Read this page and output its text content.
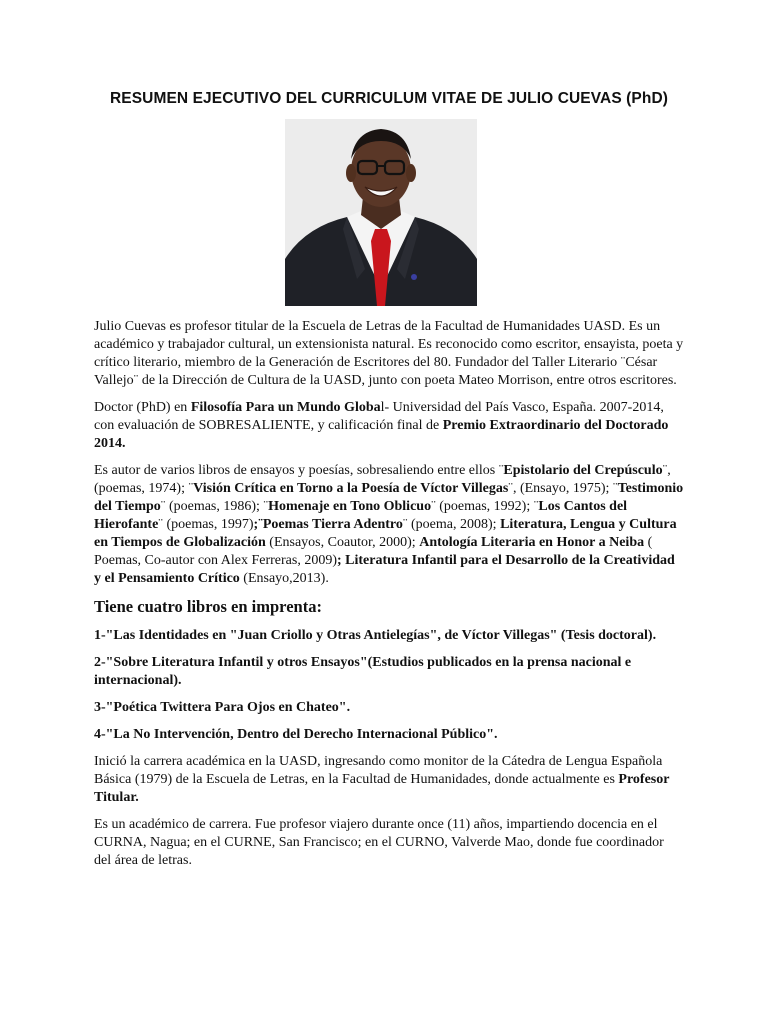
RESUMEN EJECUTIVO DEL CURRICULUM VITAE DE JULIO CUEVAS (PhD)

Julio Cuevas es profesor titular de la Escuela de Letras de la Facultad de Humanidades UASD. Es un académico y trabajador cultural, un extensionista natural. Es reconocido como escritor, ensayista, poeta y crítico literario, miembro de la Generación de Escritores del 80. Fundador del Taller Literario ¨César Vallejo¨ de la Dirección de Cultura de la UASD, junto con poeta Mateo Morrison, entre otros escritores.

Doctor (PhD) en Filosofía Para un Mundo Global- Universidad del País Vasco, España. 2007-2014, con evaluación de SOBRESALIENTE, y calificación final de Premio Extraordinario del Doctorado 2014.

Es autor de varios libros de ensayos y poesías, sobresaliendo entre ellos ¨Epistolario del Crepúsculo¨, (poemas, 1974); ¨Visión Crítica en Torno a la Poesía de Víctor Villegas¨, (Ensayo, 1975); ¨Testimonio del Tiempo¨ (poemas, 1986); ¨Homenaje en Tono Oblicuo¨ (poemas, 1992); ¨Los Cantos del Hierofante¨ (poemas, 1997);¨Poemas Tierra Adentro¨ (poema, 2008); Literatura, Lengua y Cultura en Tiempos de Globalización (Ensayos, Coautor, 2000); Antología Literaria en Honor a Neiba ( Poemas, Co-autor con Alex Ferreras, 2009); Literatura Infantil para el Desarrollo de la Creatividad y el Pensamiento Crítico (Ensayo,2013).

Tiene cuatro libros en imprenta:
1-"Las Identidades en "Juan Criollo y Otras Antielegías", de Víctor Villegas" (Tesis doctoral).
2-"Sobre Literatura Infantil y otros Ensayos"(Estudios publicados en la prensa nacional e internacional).
3-"Poética Twittera Para Ojos en Chateo".
4-"La No Intervención, Dentro del Derecho Internacional Público".

Inició la carrera académica en la UASD, ingresando como monitor de la Cátedra de Lengua Española Básica (1979) de la Escuela de Letras, en la Facultad de Humanidades, donde actualmente es Profesor Titular.

Es un académico de carrera. Fue profesor viajero durante once (11) años, impartiendo docencia en el CURNA, Nagua; en el CURNE, San Francisco; en el CURNO, Valverde Mao, donde fue coordinador del área de letras.
